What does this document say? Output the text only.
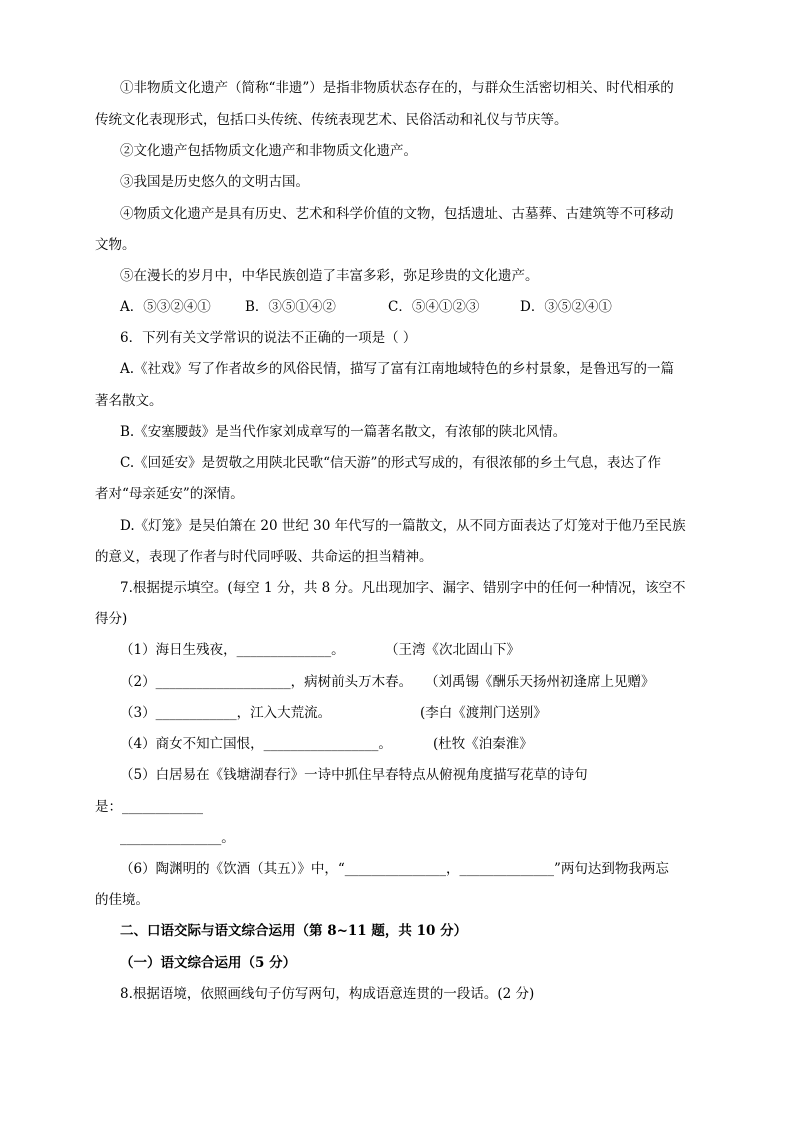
①非物质文化遗产（简称“非遗”）是指非物质状态存在的，与群众生活密切相关、时代相承的
传统文化表现形式，包括口头传统、传统表现艺术、民俗活动和礼仪与节庆等。
②文化遗产包括物质文化遗产和非物质文化遗产。
③我国是历史悠久的文明古国。
④物质文化遗产是具有历史、艺术和科学价值的文物，包括遗址、古墓葬、古建筑等不可移动
文物。
⑤在漫长的岁月中，中华民族创造了丰富多彩，弥足珍贵的文化遗产。
A．⑤③②④①	B．③⑤①④②	C．⑤④①②③	D．③⑤②④①
6．下列有关文学常识的说法不正确的一项是（ ）
A.《社戏》写了作者故乡的风俗民情，描写了富有江南地域特色的乡村景象，是鲁迅写的一篇
著名散文。
B.《安塞腰鼓》是当代作家刘成章写的一篇著名散文，有浓郁的陕北风情。
C.《回延安》是贺敬之用陕北民歌“信天游”的形式写成的，有很浓郁的乡土气息，表达了作
者对“母亲延安”的深情。
D.《灯笼》是吴伯箫在 20 世纪 30 年代写的一篇散文，从不同方面表达了灯笼对于他乃至民族
的意义，表现了作者与时代同呼吸、共命运的担当精神。
7.根据提示填空。(每空 1 分，共 8 分。凡出现加字、漏字、错别字中的任何一种情况，该空不
得分)
（1）海日生残夜，______________。	（王湾《次北固山下》
（2）____________________，病树前头万木春。 （刘禹锡《酬乐天扬州初逢席上见赠》
（3）____________，江入大荒流。	(李白《渡荆门送别》
（4）商女不知亡国恨，_________________。	(杜牧《泊秦淮》
（5）白居易在《钱塘湖春行》一诗中抓住早春特点从俯视角度描写花草的诗句
是：____________
_______________。
（6）陶渊明的《饮酒（其五）》中，“_______________，______________”两句达到物我两忘
的佳境。
二、口语交际与语文综合运用（第 8~11 题，共 10 分）
（一）语文综合运用（5 分）
8.根据语境，依照画线句子仿写两句，构成语意连贯的一段话。(2 分)
